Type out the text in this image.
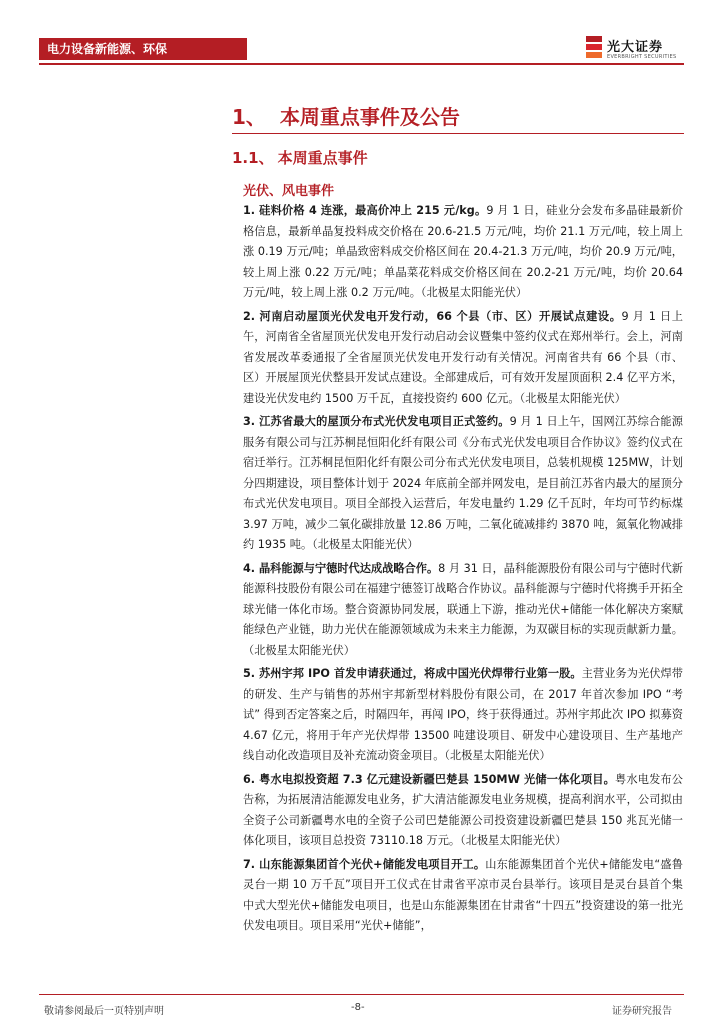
电力设备新能源、环保	光大证券
EVERBRIGHT SECURITIES
1、 本周重点事件及公告
1.1、 本周重点事件
光伏、风电事件

1. 硅料价格 4 连涨，最高价冲上 215 元/kg。9 月 1 日，硅业分会发布多晶硅最新价格信息，最新单晶复投料成交价格在 20.6-21.5 万元/吨，均价 21.1 万元/吨，较上周上涨 0.19 万元/吨；单晶致密料成交价格区间在 20.4-21.3 万元/吨，均价 20.9 万元/吨，较上周上涨 0.22 万元/吨；单晶菜花料成交价格区间在 20.2-21 万元/吨，均价 20.64 万元/吨，较上周上涨 0.2 万元/吨。（北极星太阳能光伏）

2. 河南启动屋顶光伏发电开发行动，66 个县（市、区）开展试点建设。9 月 1 日上午，河南省全省屋顶光伏发电开发行动启动会议暨集中签约仪式在郑州举行。会上，河南省发展改革委通报了全省屋顶光伏发电开发行动有关情况。河南省共有 66 个县（市、区）开展屋顶光伏整县开发试点建设。全部建成后，可有效开发屋顶面积 2.4 亿平方米，建设光伏发电约 1500 万千瓦，直接投资约 600 亿元。（北极星太阳能光伏）

3. 江苏省最大的屋顶分布式光伏发电项目正式签约。9 月 1 日上午，国网江苏综合能源服务有限公司与江苏桐昆恒阳化纤有限公司《分布式光伏发电项目合作协议》签约仪式在宿迁举行。江苏桐昆恒阳化纤有限公司分布式光伏发电项目，总装机规模 125MW，计划分四期建设，项目整体计划于 2024 年底前全部并网发电，是目前江苏省内最大的屋顶分布式光伏发电项目。项目全部投入运营后，年发电量约 1.29 亿千瓦时，年均可节约标煤 3.97 万吨，减少二氧化碳排放量 12.86 万吨，二氧化硫减排约 3870 吨，氮氧化物减排约 1935 吨。（北极星太阳能光伏）

4. 晶科能源与宁德时代达成战略合作。8 月 31 日，晶科能源股份有限公司与宁德时代新能源科技股份有限公司在福建宁德签订战略合作协议。晶科能源与宁德时代将携手开拓全球光储一体化市场。整合资源协同发展，联通上下游，推动光伏+储能一体化解决方案赋能绿色产业链，助力光伏在能源领域成为未来主力能源，为双碳目标的实现贡献新力量。（北极星太阳能光伏）

5. 苏州宇邦 IPO 首发申请获通过，将成中国光伏焊带行业第一股。主营业务为光伏焊带的研发、生产与销售的苏州宇邦新型材料股份有限公司，在 2017 年首次参加 IPO “考试” 得到否定答案之后，时隔四年，再闯 IPO，终于获得通过。苏州宇邦此次 IPO 拟募资 4.67 亿元，将用于年产光伏焊带 13500 吨建设项目、研发中心建设项目、生产基地产线自动化改造项目及补充流动资金项目。（北极星太阳能光伏）

6. 粤水电拟投资超 7.3 亿元建设新疆巴楚县 150MW 光储一体化项目。粤水电发布公告称，为拓展清洁能源发电业务，扩大清洁能源发电业务规模，提高利润水平，公司拟由全资子公司新疆粤水电的全资子公司巴楚能源公司投资建设新疆巴楚县 150 兆瓦光储一体化项目，该项目总投资 73110.18 万元。（北极星太阳能光伏）

7. 山东能源集团首个光伏+储能发电项目开工。山东能源集团首个光伏+储能发电“盛鲁灵台一期 10 万千瓦”项目开工仪式在甘肃省平凉市灵台县举行。该项目是灵台县首个集中式大型光伏+储能发电项目，也是山东能源集团在甘肃省“十四五”投资建设的第一批光伏发电项目。项目采用“光伏+储能”，

敬请参阅最后一页特别声明	-8-	证券研究报告
